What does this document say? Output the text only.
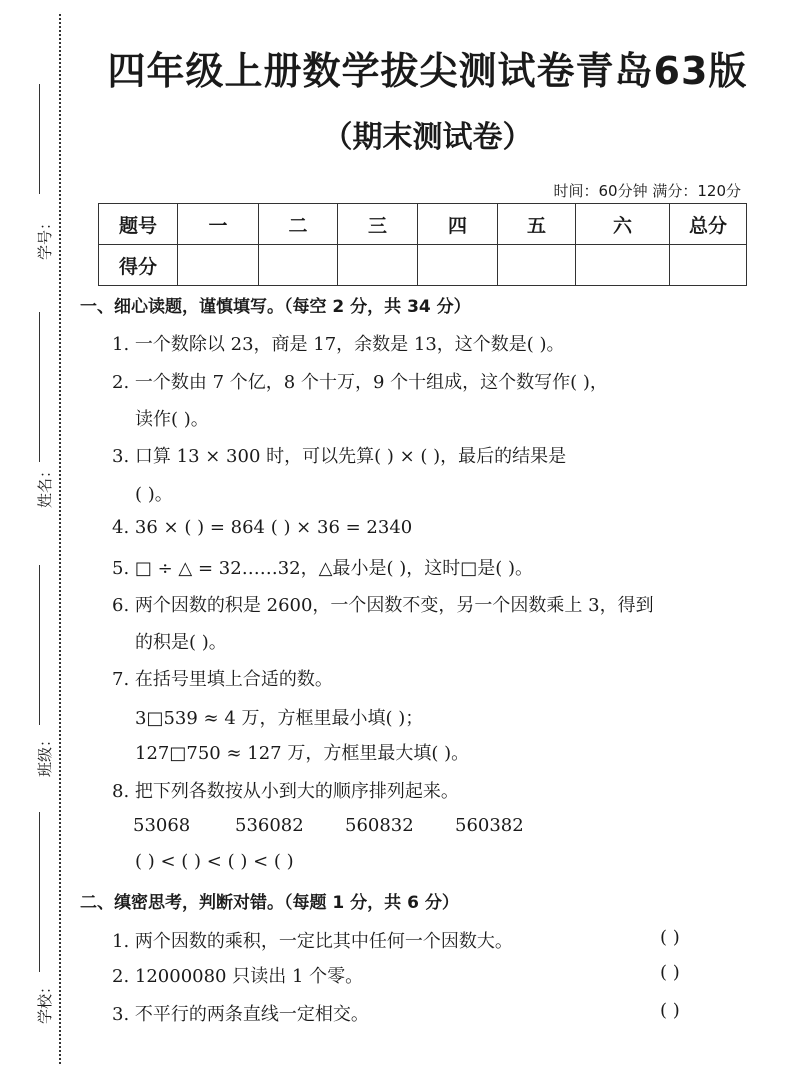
学号：
姓名：
班级：
学校：
四年级上册数学拔尖测试卷青岛63版
（期末测试卷）
时间：60分钟 满分：120分
题号	一	二	三	四	五	六	总分
得分							
一、细心读题，谨慎填写。（每空 2 分，共 34 分）
1. 一个数除以 23，商是 17，余数是 13，这个数是( )。
2. 一个数由 7 个亿，8 个十万，9 个十组成，这个数写作( )，
读作( )。
3. 口算 13 × 300 时，可以先算( ) × ( )，最后的结果是
( )。
4. 36 × ( ) = 864 ( ) × 36 = 2340
5. □ ÷ △ = 32……32，△最小是( )，这时□是( )。
6. 两个因数的积是 2600，一个因数不变，另一个因数乘上 3，得到
的积是( )。
7. 在括号里填上合适的数。
3□539 ≈ 4 万，方框里最小填( )；
127□750 ≈ 127 万，方框里最大填( )。
8. 把下列各数按从小到大的顺序排列起来。
53068 536082 560832 560382
( ) < ( ) < ( ) < ( )
二、缜密思考，判断对错。（每题 1 分，共 6 分）
1. 两个因数的乘积，一定比其中任何一个因数大。	( )
2. 12000080 只读出 1 个零。	( )
3. 不平行的两条直线一定相交。	( )
